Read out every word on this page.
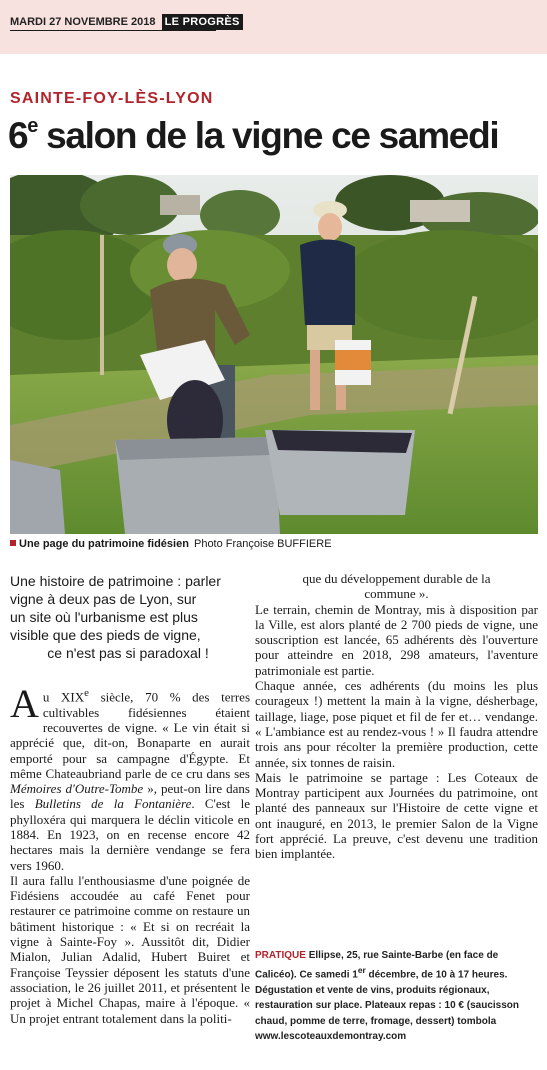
MARDI 27 NOVEMBRE 2018 LE PROGRÈS
SAINTE-FOY-LÈS-LYON
6e salon de la vigne ce samedi
Une page du patrimoine fidésien Photo Françoise BUFFIERE
Une histoire de patrimoine : parler
vigne à deux pas de Lyon, sur
un site où l'urbanisme est plus
visible que des pieds de vigne,
ce n'est pas si paradoxal !

Au XIXe siècle, 70 % des terres cultivables fidésiennes étaient recouvertes de vigne. « Le vin était si apprécié que, dit-on, Bonaparte en aurait emporté pour sa campagne d'Égypte. Et même Chateaubriand parle de ce cru dans ses Mémoires d'Outre-Tombe », peut-on lire dans les Bulletins de la Fontanière. C'est le phylloxéra qui marquera le déclin viticole en 1884. En 1923, on en recense encore 42 hectares mais la dernière vendange se fera vers 1960.

Il aura fallu l'enthousiasme d'une poignée de Fidésiens accoudée au café Fenet pour restaurer ce patrimoine comme on restaure un bâtiment historique : « Et si on recréait la vigne à Sainte-Foy ». Aussitôt dit, Didier Mialon, Julian Adalid, Hubert Buiret et Françoise Teyssier déposent les statuts d'une association, le 26 juillet 2011, et présentent le projet à Michel Chapas, maire à l'époque. « Un projet entrant totalement dans la politi-

que du développement durable de la

commune ».

Le terrain, chemin de Montray, mis à disposition par la Ville, est alors planté de 2 700 pieds de vigne, une souscription est lancée, 65 adhérents dès l'ouverture pour atteindre en 2018, 298 amateurs, l'aventure patrimoniale est partie.

Chaque année, ces adhérents (du moins les plus courageux !) mettent la main à la vigne, désherbage, taillage, liage, pose piquet et fil de fer et… vendange. « L'ambiance est au rendez-vous ! » Il faudra attendre trois ans pour récolter la première production, cette année, six tonnes de raisin.

Mais le patrimoine se partage : Les Coteaux de Montray participent aux Journées du patrimoine, ont planté des panneaux sur l'Histoire de cette vigne et ont inauguré, en 2013, le premier Salon de la Vigne fort apprécié. La preuve, c'est devenu une tradition bien implantée.

PRATIQUE Ellipse, 25, rue Sainte-Barbe (en face de Calicéo). Ce samedi 1er décembre, de 10 à 17 heures. Dégustation et vente de vins, produits régionaux, restauration sur place. Plateaux repas : 10 € (saucisson chaud, pomme de terre, fromage, dessert) tombola
www.lescoteauxdemontray.com
